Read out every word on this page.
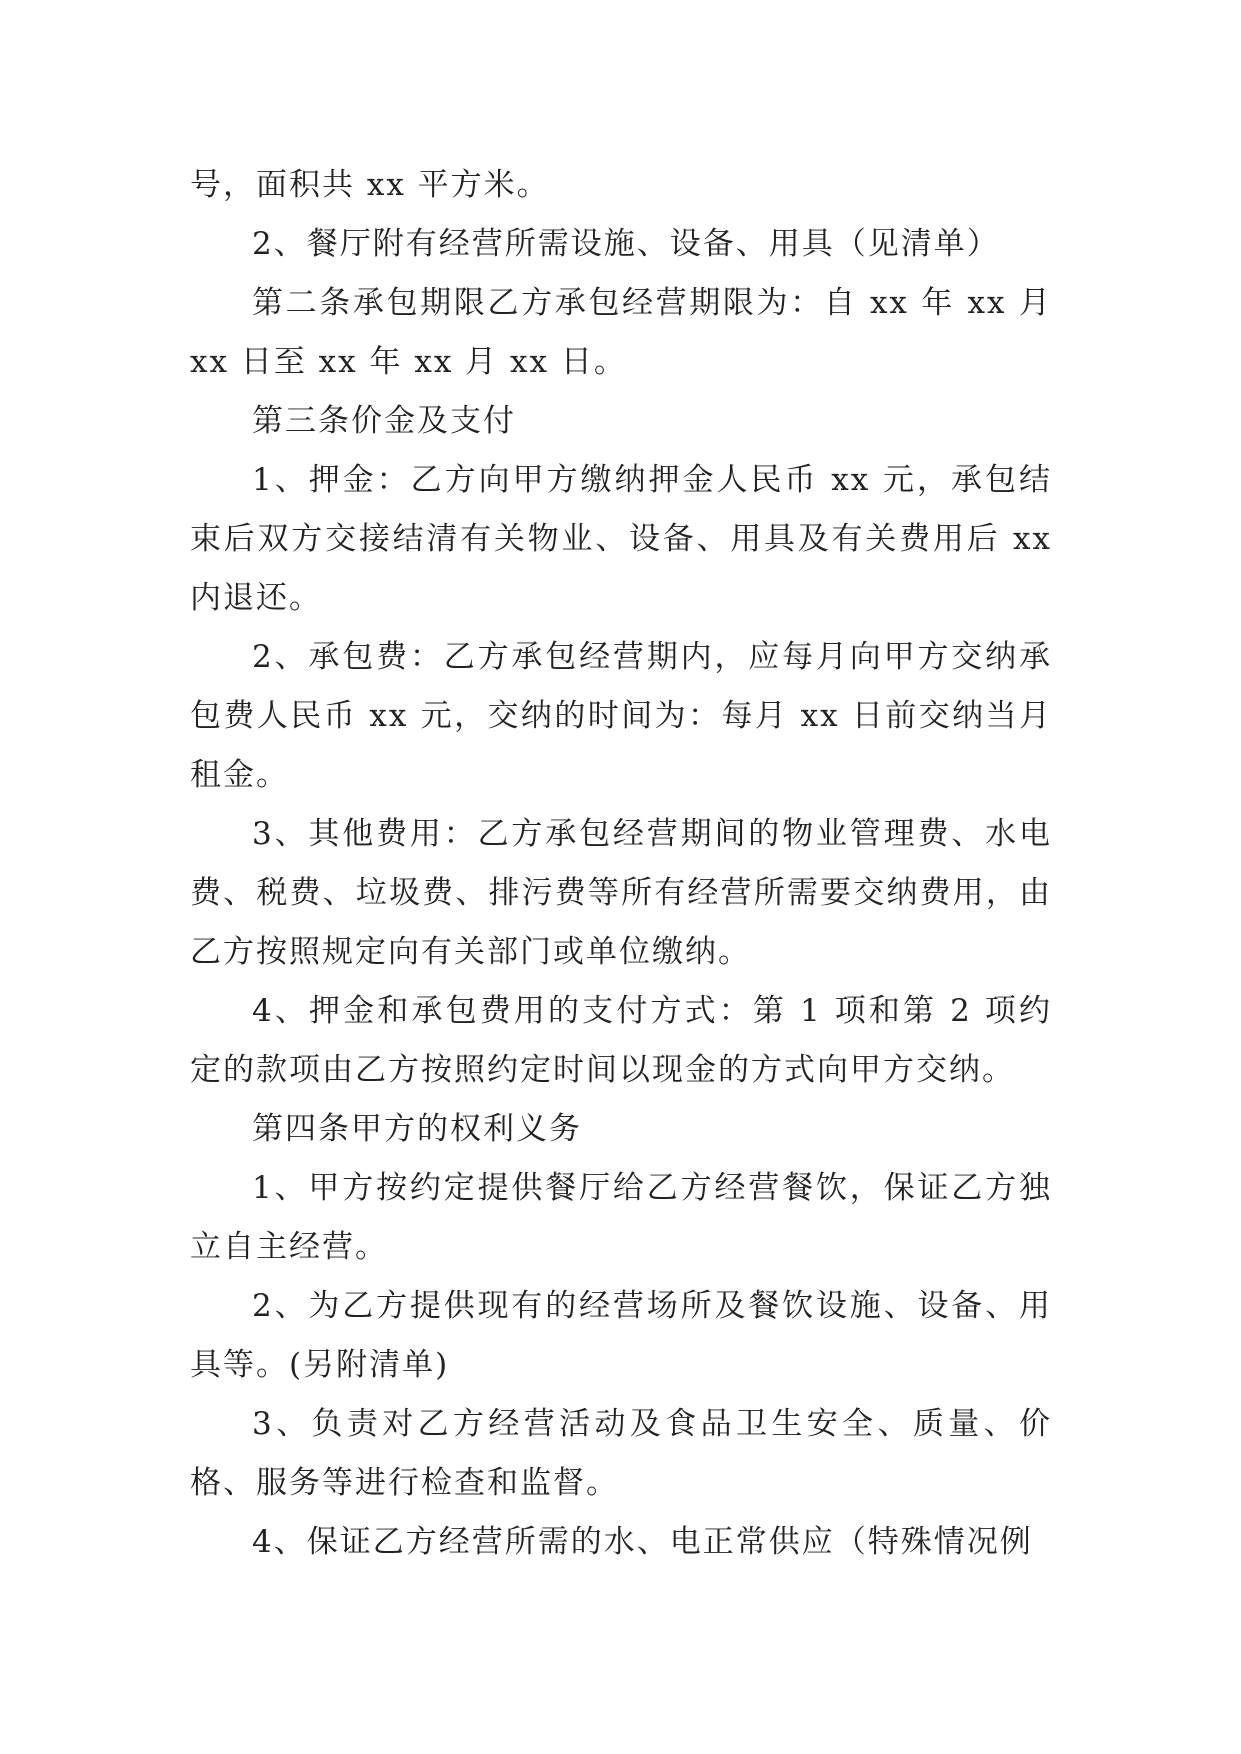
号，面积共 xx 平方米。

2、餐厅附有经营所需设施、设备、用具（见清单）

第二条承包期限乙方承包经营期限为：自 xx 年 xx 月 xx 日至 xx 年 xx 月 xx 日。

第三条价金及支付

1、押金：乙方向甲方缴纳押金人民币 xx 元，承包结束后双方交接结清有关物业、设备、用具及有关费用后 xx 内退还。

2、承包费：乙方承包经营期内，应每月向甲方交纳承包费人民币 xx 元，交纳的时间为：每月 xx 日前交纳当月租金。

3、其他费用：乙方承包经营期间的物业管理费、水电费、税费、垃圾费、排污费等所有经营所需要交纳费用，由乙方按照规定向有关部门或单位缴纳。

4、押金和承包费用的支付方式：第 1 项和第 2 项约定的款项由乙方按照约定时间以现金的方式向甲方交纳。

第四条甲方的权利义务

1、甲方按约定提供餐厅给乙方经营餐饮，保证乙方独立自主经营。

2、为乙方提供现有的经营场所及餐饮设施、设备、用具等。(另附清单)

3、负责对乙方经营活动及食品卫生安全、质量、价格、服务等进行检查和监督。

4、保证乙方经营所需的水、电正常供应（特殊情况例
